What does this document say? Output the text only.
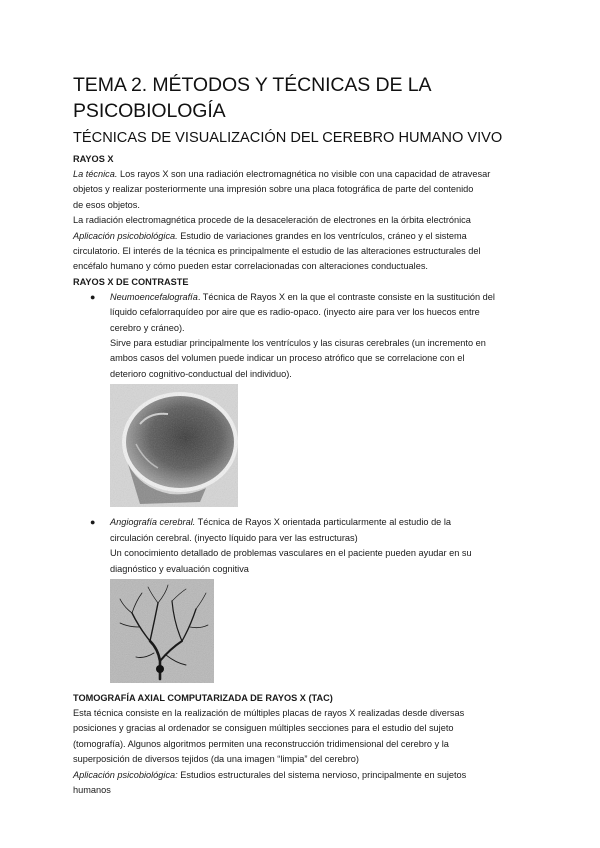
TEMA 2. MÉTODOS Y TÉCNICAS DE LA PSICOBIOLOGÍA
TÉCNICAS DE VISUALIZACIÓN DEL CEREBRO HUMANO VIVO
RAYOS X

La técnica. Los rayos X son una radiación electromagnética no visible con una capacidad de atravesar

objetos y realizar posteriormente una impresión sobre una placa fotográfica de parte del contenido

de esos objetos.

La radiación electromagnética procede de la desaceleración de electrones en la órbita electrónica

Aplicación psicobiológica. Estudio de variaciones grandes en los ventrículos, cráneo y el sistema

circulatorio. El interés de la técnica es principalmente el estudio de las alteraciones estructurales del

encéfalo humano y cómo pueden estar correlacionadas con alteraciones conductuales.

RAYOS X DE CONTRASTE
● Neumoencefalografía. Técnica de Rayos X en la que el contraste consiste en la sustitución del

líquido cefalorraquídeo por aire que es radio-opaco. (inyecto aire para ver los huecos entre

cerebro y cráneo).

Sirve para estudiar principalmente los ventrículos y las cisuras cerebrales (un incremento en

ambos casos del volumen puede indicar un proceso atrófico que se correlacione con el

deterioro cognitivo-conductual del individuo).

● Angiografía cerebral. Técnica de Rayos X orientada particularmente al estudio de la

circulación cerebral. (inyecto líquido para ver las estructuras)

Un conocimiento detallado de problemas vasculares en el paciente pueden ayudar en su

diagnóstico y evaluación cognitiva

TOMOGRAFÍA AXIAL COMPUTARIZADA DE RAYOS X (TAC)

Esta técnica consiste en la realización de múltiples placas de rayos X realizadas desde diversas

posiciones y gracias al ordenador se consiguen múltiples secciones para el estudio del sujeto

(tomografía). Algunos algoritmos permiten una reconstrucción tridimensional del cerebro y la

superposición de diversos tejidos (da una imagen “limpia” del cerebro)

Aplicación psicobiológica: Estudios estructurales del sistema nervioso, principalmente en sujetos

humanos
